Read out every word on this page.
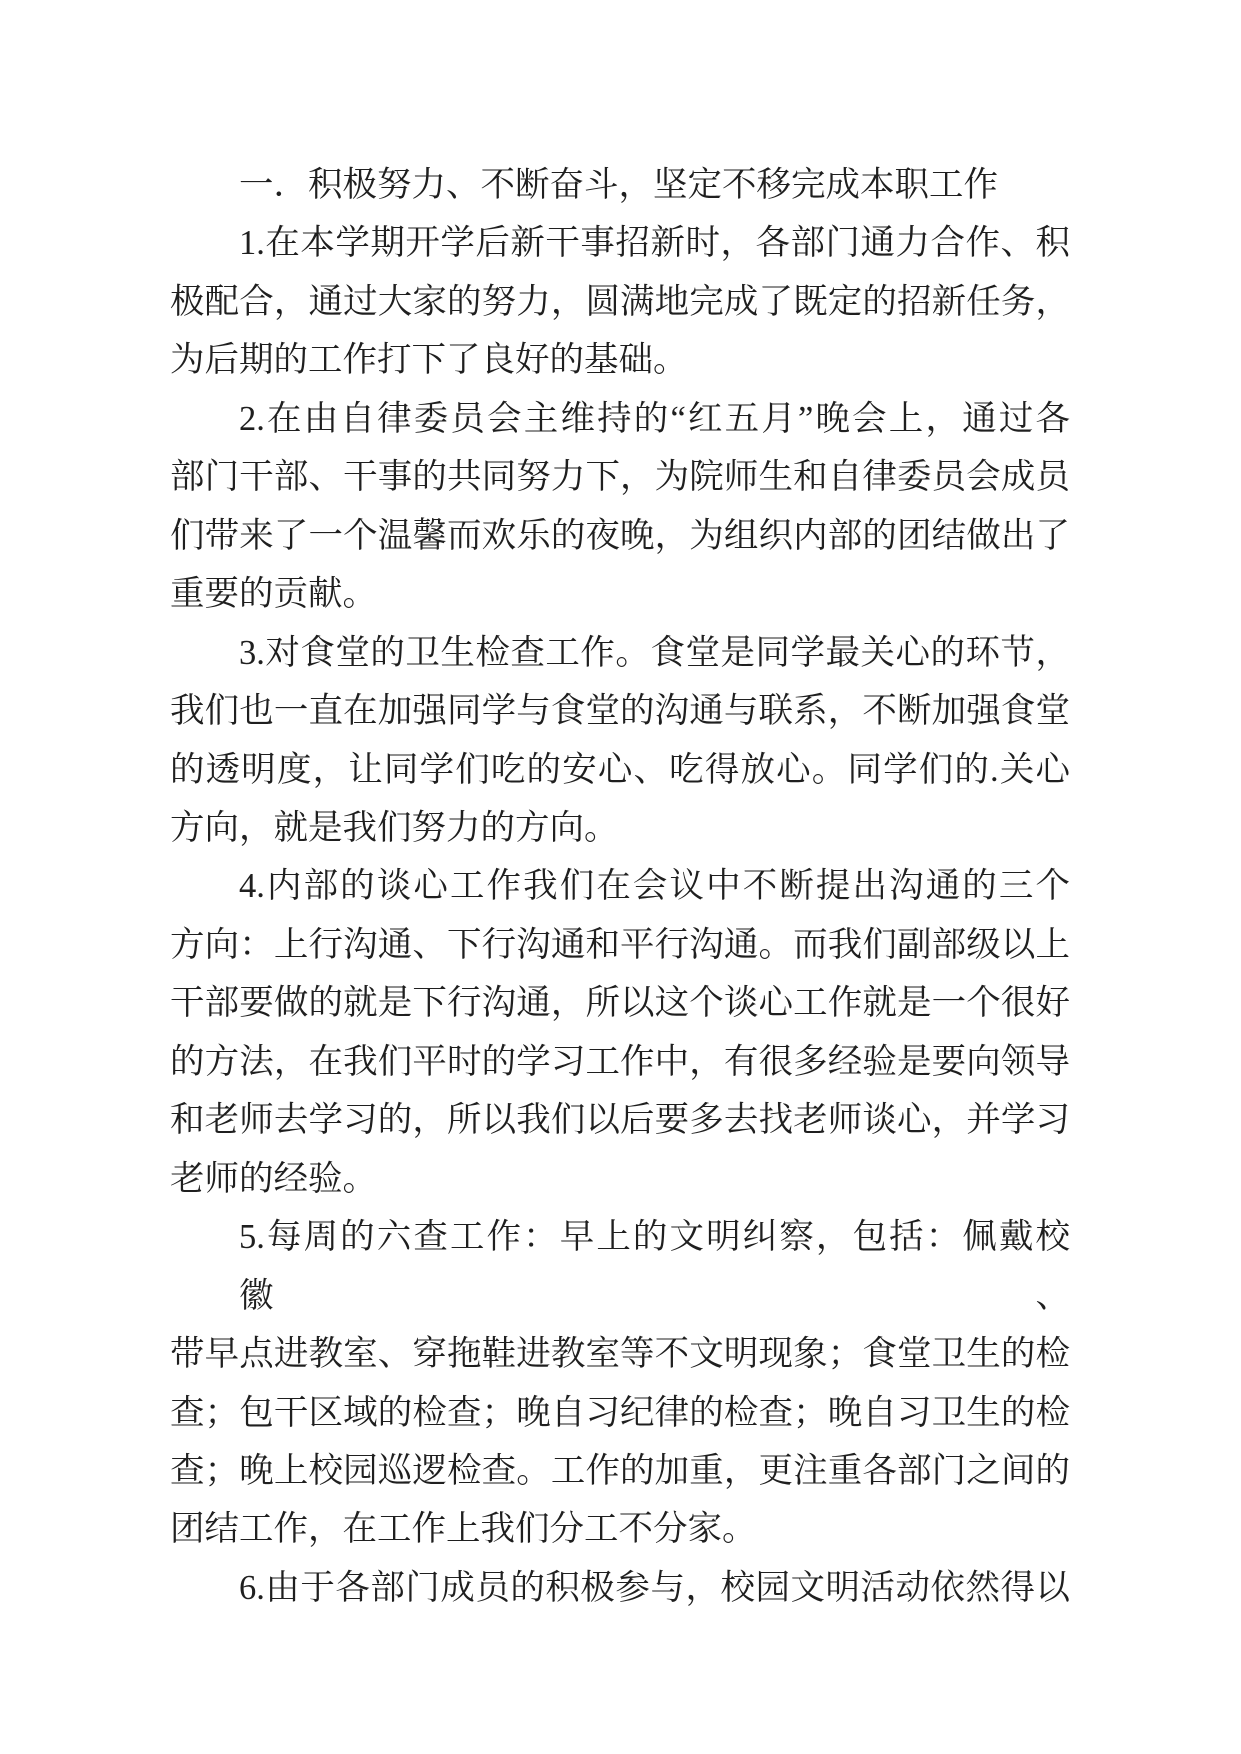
一．积极努力、不断奋斗，坚定不移完成本职工作
1.在本学期开学后新干事招新时，各部门通力合作、积
极配合，通过大家的努力，圆满地完成了既定的招新任务，
为后期的工作打下了良好的基础。
2.在由自律委员会主维持的“红五月”晚会上，通过各
部门干部、干事的共同努力下，为院师生和自律委员会成员
们带来了一个温馨而欢乐的夜晚，为组织内部的团结做出了
重要的贡献。
3.对食堂的卫生检查工作。食堂是同学最关心的环节，
我们也一直在加强同学与食堂的沟通与联系，不断加强食堂
的透明度，让同学们吃的安心、吃得放心。同学们的.关心
方向，就是我们努力的方向。
4.内部的谈心工作我们在会议中不断提出沟通的三个
方向：上行沟通、下行沟通和平行沟通。而我们副部级以上
干部要做的就是下行沟通，所以这个谈心工作就是一个很好
的方法，在我们平时的学习工作中，有很多经验是要向领导
和老师去学习的，所以我们以后要多去找老师谈心，并学习
老师的经验。
5.每周的六查工作：早上的文明纠察，包括：佩戴校徽、
带早点进教室、穿拖鞋进教室等不文明现象；食堂卫生的检
查；包干区域的检查；晚自习纪律的检查；晚自习卫生的检
查；晚上校园巡逻检查。工作的加重，更注重各部门之间的
团结工作，在工作上我们分工不分家。
6.由于各部门成员的积极参与，校园文明活动依然得以
